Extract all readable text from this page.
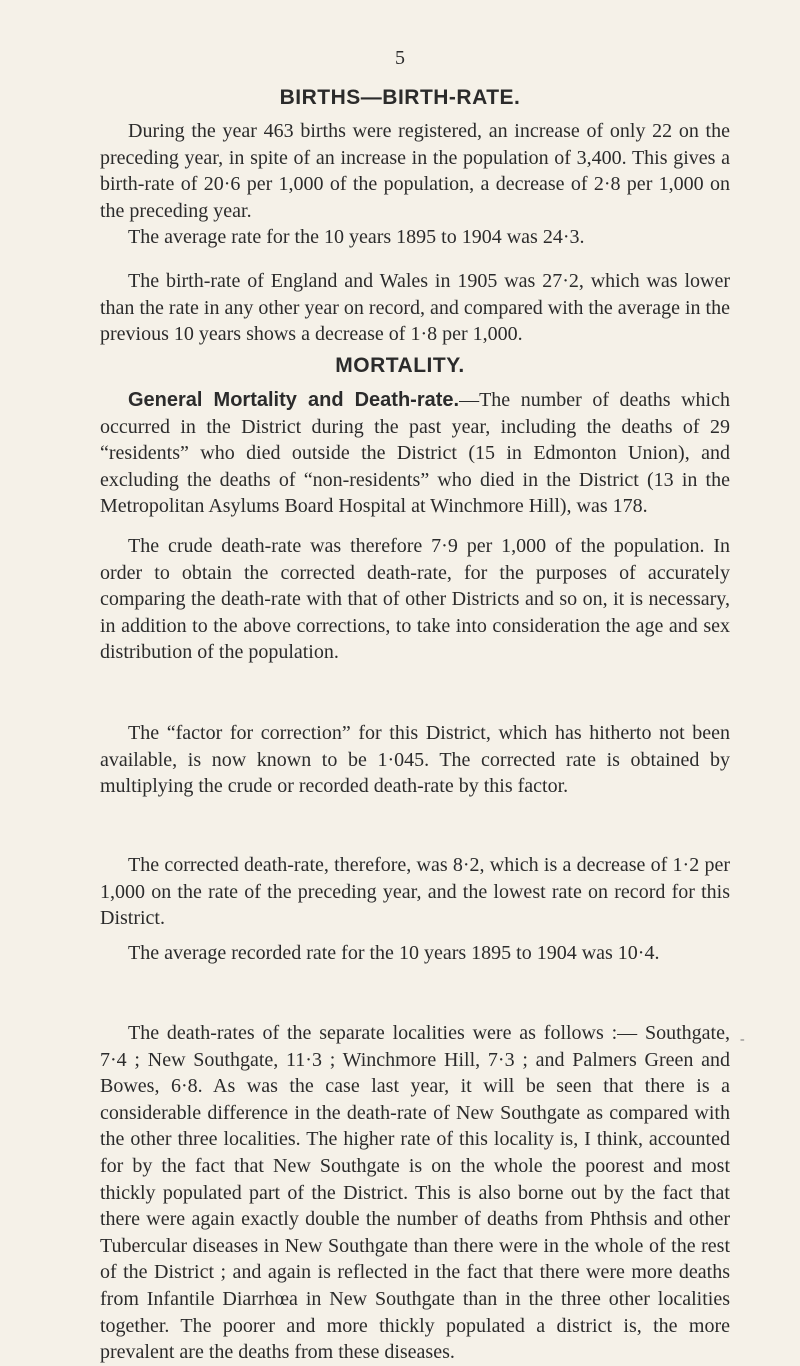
5
BIRTHS—BIRTH-RATE.

During the year 463 births were registered, an increase of only 22 on the preceding year, in spite of an increase in the population of 3,400. This gives a birth-rate of 20·6 per 1,000 of the population, a decrease of 2·8 per 1,000 on the preceding year.

The average rate for the 10 years 1895 to 1904 was 24·3.

The birth-rate of England and Wales in 1905 was 27·2, which was lower than the rate in any other year on record, and compared with the average in the previous 10 years shows a decrease of 1·8 per 1,000.

MORTALITY.

General Mortality and Death-rate.—The number of deaths which occurred in the District during the past year, including the deaths of 29 “residents” who died outside the District (15 in Edmonton Union), and excluding the deaths of “non-residents” who died in the District (13 in the Metropolitan Asylums Board Hospital at Winchmore Hill), was 178.

The crude death-rate was therefore 7·9 per 1,000 of the population. In order to obtain the corrected death-rate, for the purposes of accurately comparing the death-rate with that of other Districts and so on, it is necessary, in addition to the above corrections, to take into consideration the age and sex distribution of the population.

The “factor for correction” for this District, which has hitherto not been available, is now known to be 1·045. The corrected rate is obtained by multiplying the crude or recorded death-rate by this factor.

The corrected death-rate, therefore, was 8·2, which is a decrease of 1·2 per 1,000 on the rate of the preceding year, and the lowest rate on record for this District.

The average recorded rate for the 10 years 1895 to 1904 was 10·4.

The death-rates of the separate localities were as follows :— Southgate, 7·4 ; New Southgate, 11·3 ; Winchmore Hill, 7·3 ; and Palmers Green and Bowes, 6·8. As was the case last year, it will be seen that there is a considerable difference in the death-rate of New Southgate as compared with the other three localities. The higher rate of this locality is, I think, accounted for by the fact that New Southgate is on the whole the poorest and most thickly populated part of the District. This is also borne out by the fact that there were again exactly double the number of deaths from Phthsis and other Tubercular diseases in New Southgate than there were in the whole of the rest of the District ; and again is reflected in the fact that there were more deaths from Infantile Diarrhœa in New Southgate than in the three other localities together. The poorer and more thickly populated a district is, the more prevalent are the deaths from these diseases.

-
